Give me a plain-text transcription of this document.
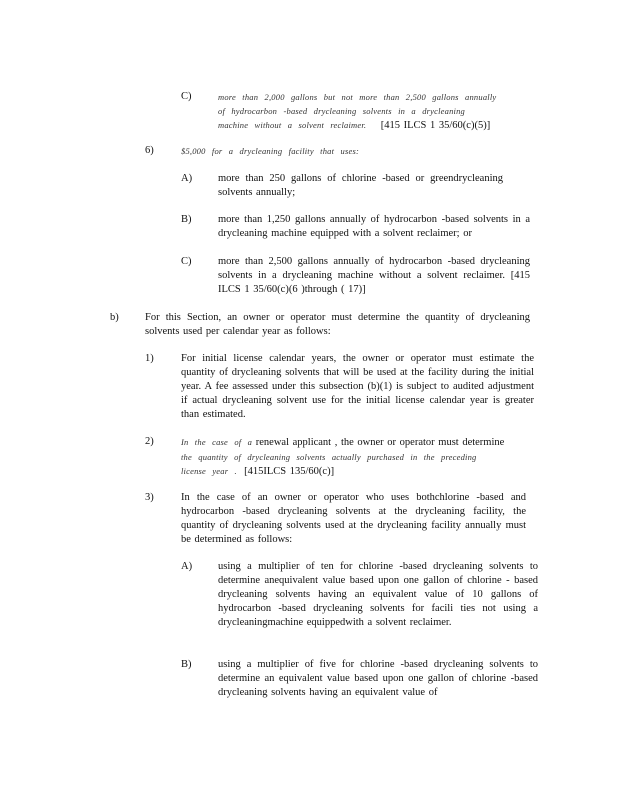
C)	more than 2,000 gallons but not more than 2,500 gallons annually
of hydrocarbon -based drycleaning solvents in a drycleaning
machine without a solvent reclaimer. [415 ILCS 1 35/60(c)(5)]
6)	$5,000 for a drycleaning facility that uses:
A) more than 250 gallons of chlorine -based or greendrycleaning solvents annually;
B)	more than 1,250 gallons annually of hydrocarbon -based solvents in a drycleaning machine equipped with a solvent reclaimer; or
C)	more than 2,500 gallons annually of hydrocarbon -based drycleaning solvents in a drycleaning machine without a solvent reclaimer. [415 ILCS 1 35/60(c)(6 )through ( 17)]
b)	For this Section, an owner or operator must determine the quantity of drycleaning solvents used per calendar year as follows:
1)	For initial license calendar years, the owner or operator must estimate the quantity of drycleaning solvents that will be used at the facility during the initial year. A fee assessed under this subsection (b)(1) is subject to audited adjustment if actual drycleaning solvent use for the initial license calendar year is greater than estimated.
2)	In the case of a renewal applicant , the owner or operator must determine
the quantity of drycleaning solvents actually purchased in the preceding
license year . [415ILCS 135/60(c)]
3)	In the case of an owner or operator who uses bothchlorine -based and hydrocarbon -based drycleaning solvents at the drycleaning facility, the quantity of drycleaning solvents used at the drycleaning facility annually must be determined as follows:
A) using a multiplier of ten for chlorine -based drycleaning solvents to determine anequivalent value based upon one gallon of chlorine - based drycleaning solvents having an equivalent value of 10 gallons of hydrocarbon -based drycleaning solvents for facili ties not using a drycleaningmachine equippedwith a solvent reclaimer.
B)	using a multiplier of five for chlorine -based drycleaning solvents to determine an equivalent value based upon one gallon of chlorine -based drycleaning solvents having an equivalent value of
